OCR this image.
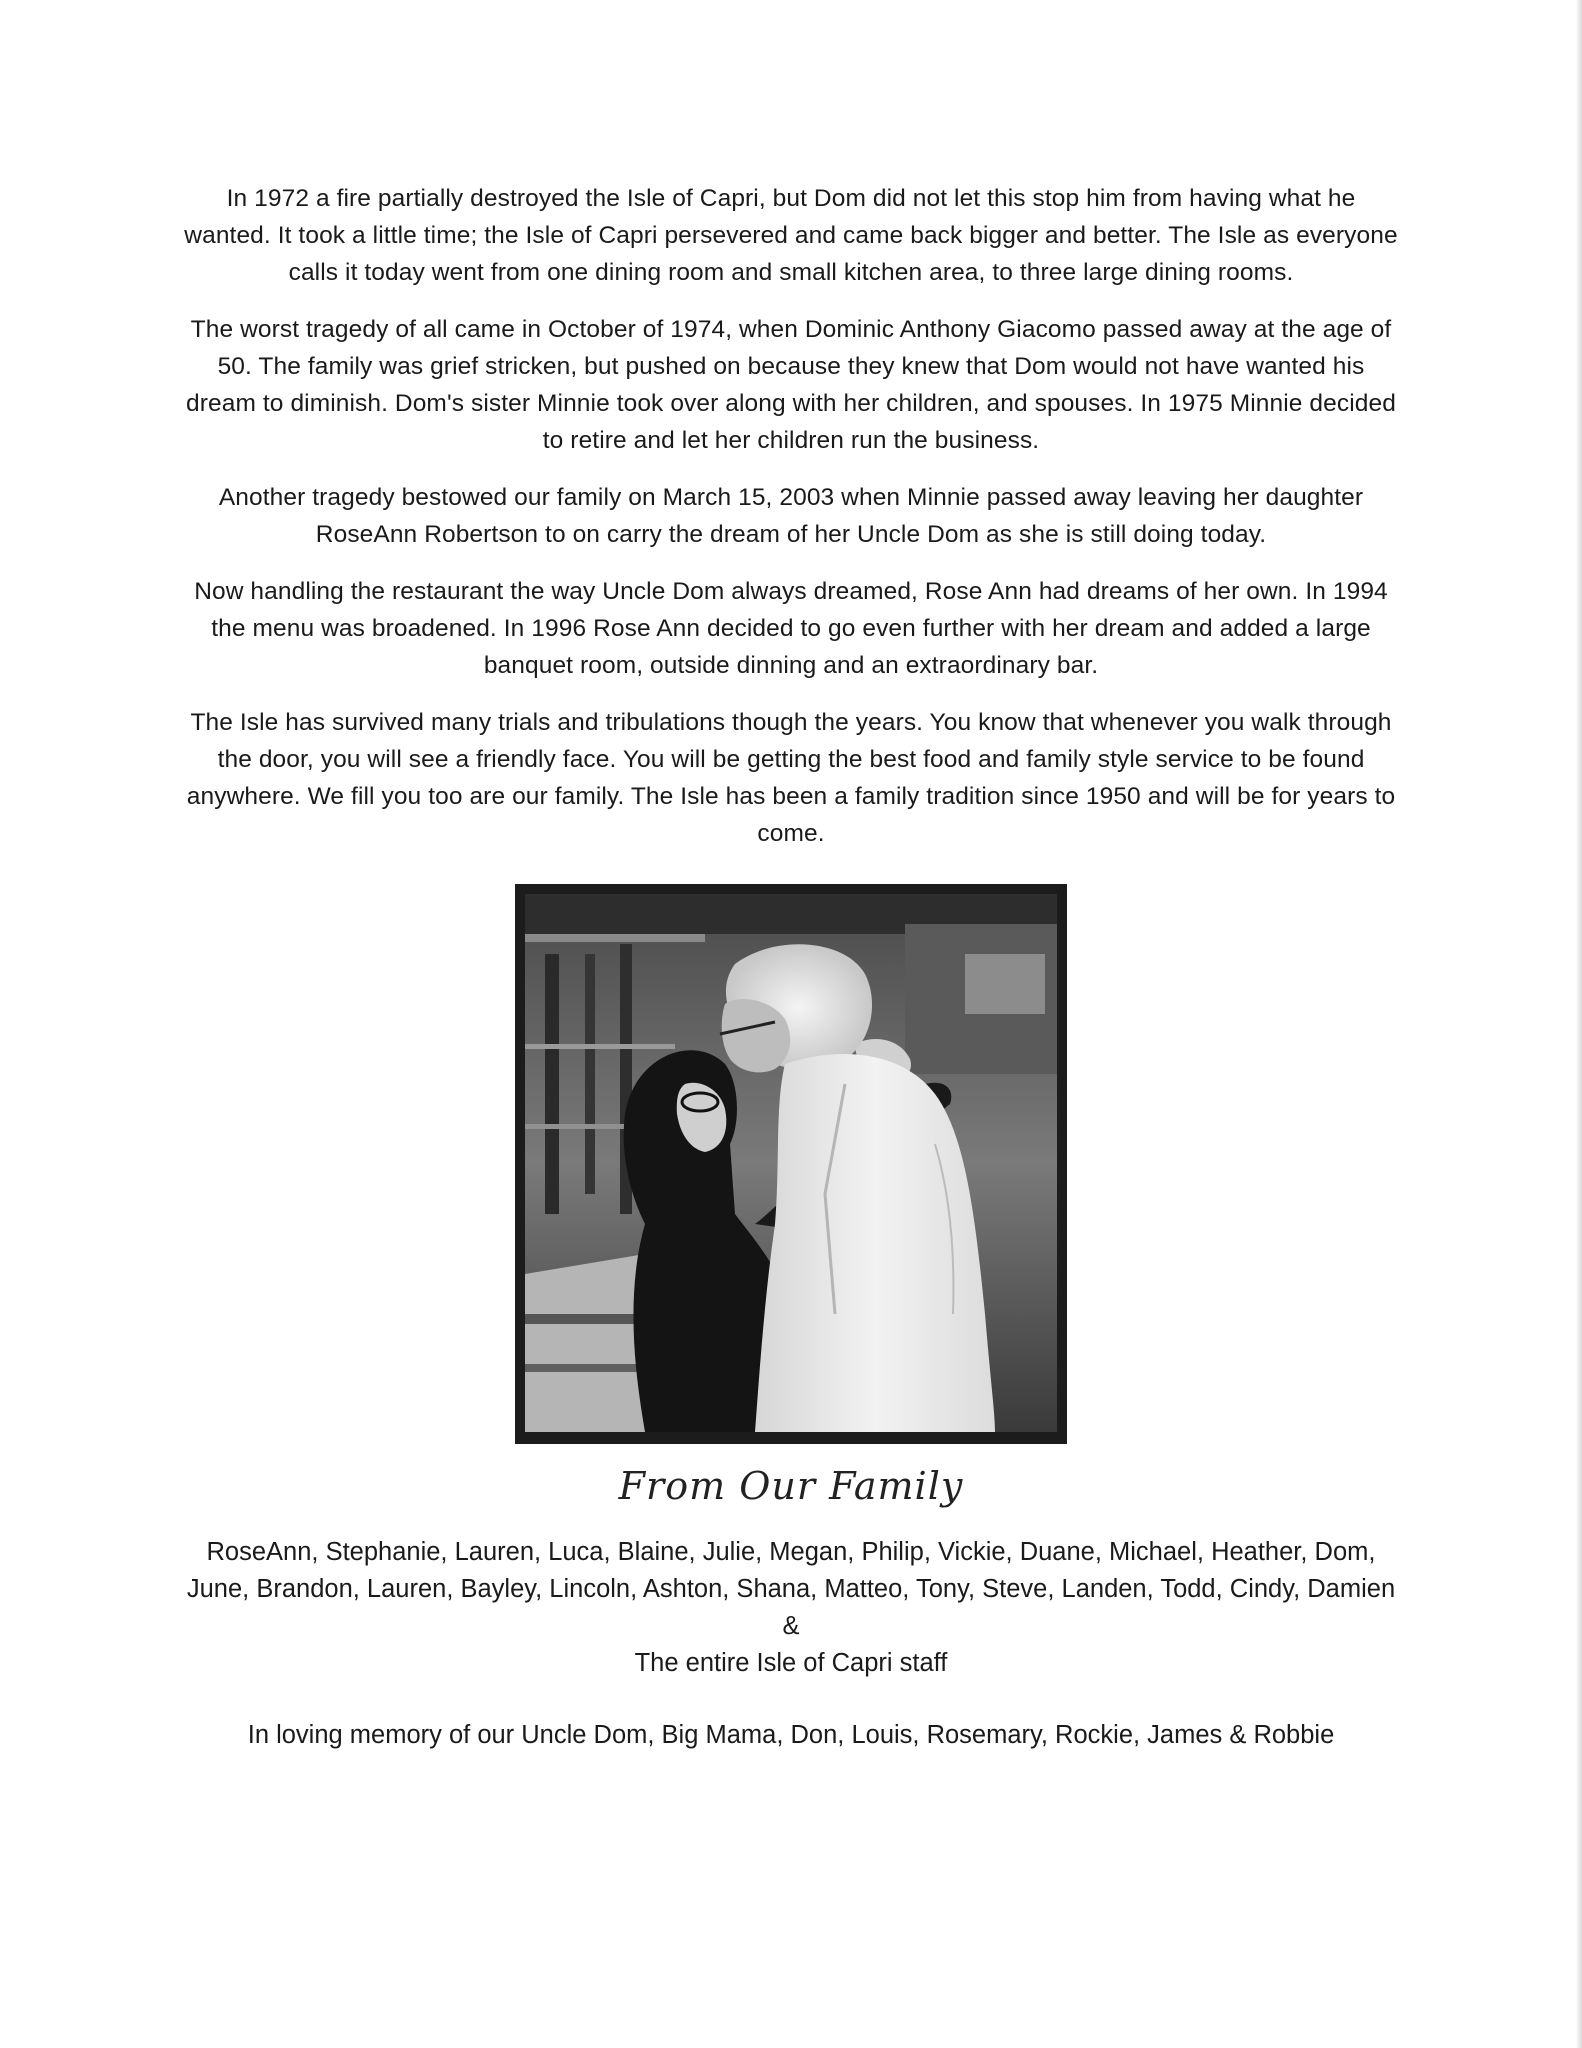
In 1972 a fire partially destroyed the Isle of Capri, but Dom did not let this stop him from having what he wanted. It took a little time; the Isle of Capri persevered and came back bigger and better. The Isle as everyone calls it today went from one dining room and small kitchen area, to three large dining rooms.

The worst tragedy of all came in October of 1974, when Dominic Anthony Giacomo passed away at the age of 50. The family was grief stricken, but pushed on because they knew that Dom would not have wanted his dream to diminish. Dom's sister Minnie took over along with her children, and spouses. In 1975 Minnie decided to retire and let her children run the business.

Another tragedy bestowed our family on March 15, 2003 when Minnie passed away leaving her daughter RoseAnn Robertson to on carry the dream of her Uncle Dom as she is still doing today.

Now handling the restaurant the way Uncle Dom always dreamed, Rose Ann had dreams of her own. In 1994 the menu was broadened. In 1996 Rose Ann decided to go even further with her dream and added a large banquet room, outside dinning and an extraordinary bar.

The Isle has survived many trials and tribulations though the years. You know that whenever you walk through the door, you will see a friendly face. You will be getting the best food and family style service to be found anywhere. We fill you too are our family. The Isle has been a family tradition since 1950 and will be for years to come.

From Our Family

RoseAnn, Stephanie, Lauren, Luca, Blaine, Julie, Megan, Philip, Vickie, Duane, Michael, Heather, Dom, June, Brandon, Lauren, Bayley, Lincoln, Ashton, Shana, Matteo, Tony, Steve, Landen, Todd, Cindy, Damien

&

The entire Isle of Capri staff

In loving memory of our Uncle Dom, Big Mama, Don, Louis, Rosemary, Rockie, James & Robbie
